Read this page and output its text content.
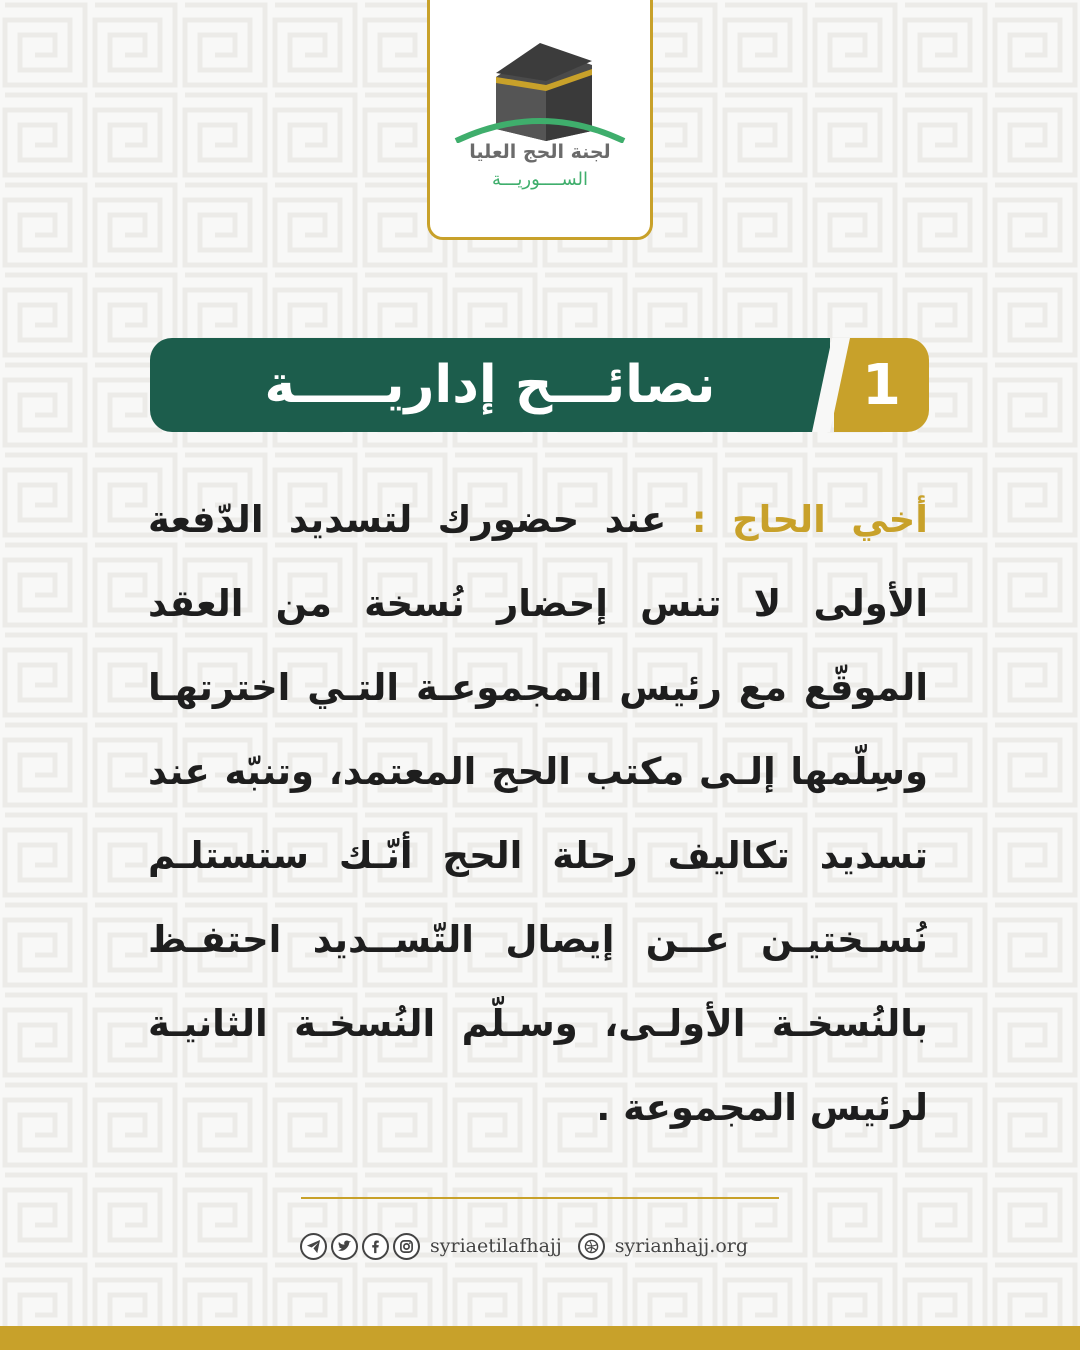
لجنة الحج العليا
الســــوريـــة
نصائـــح إداريـــــة	1
أخي الحاج : عند حضورك لتسديد الدّفعة الأولى لا تنس إحضار نُسخة من العقد الموقّع مع رئيس المجموعـة التـي اخترتهـا وسِلّمها إلـى مكتب الحج المعتمد، وتنبّه عند تسديد تكاليف رحلة الحج أنّـك ستستلـم نُسـختيـن عــن إيصال التّســديد احتفـظ بالنُسخـة الأولـى، وسـلّم النُسخـة الثانيـة لرئيس المجموعة .
syriaetilafhajj	syrianhajj.org
